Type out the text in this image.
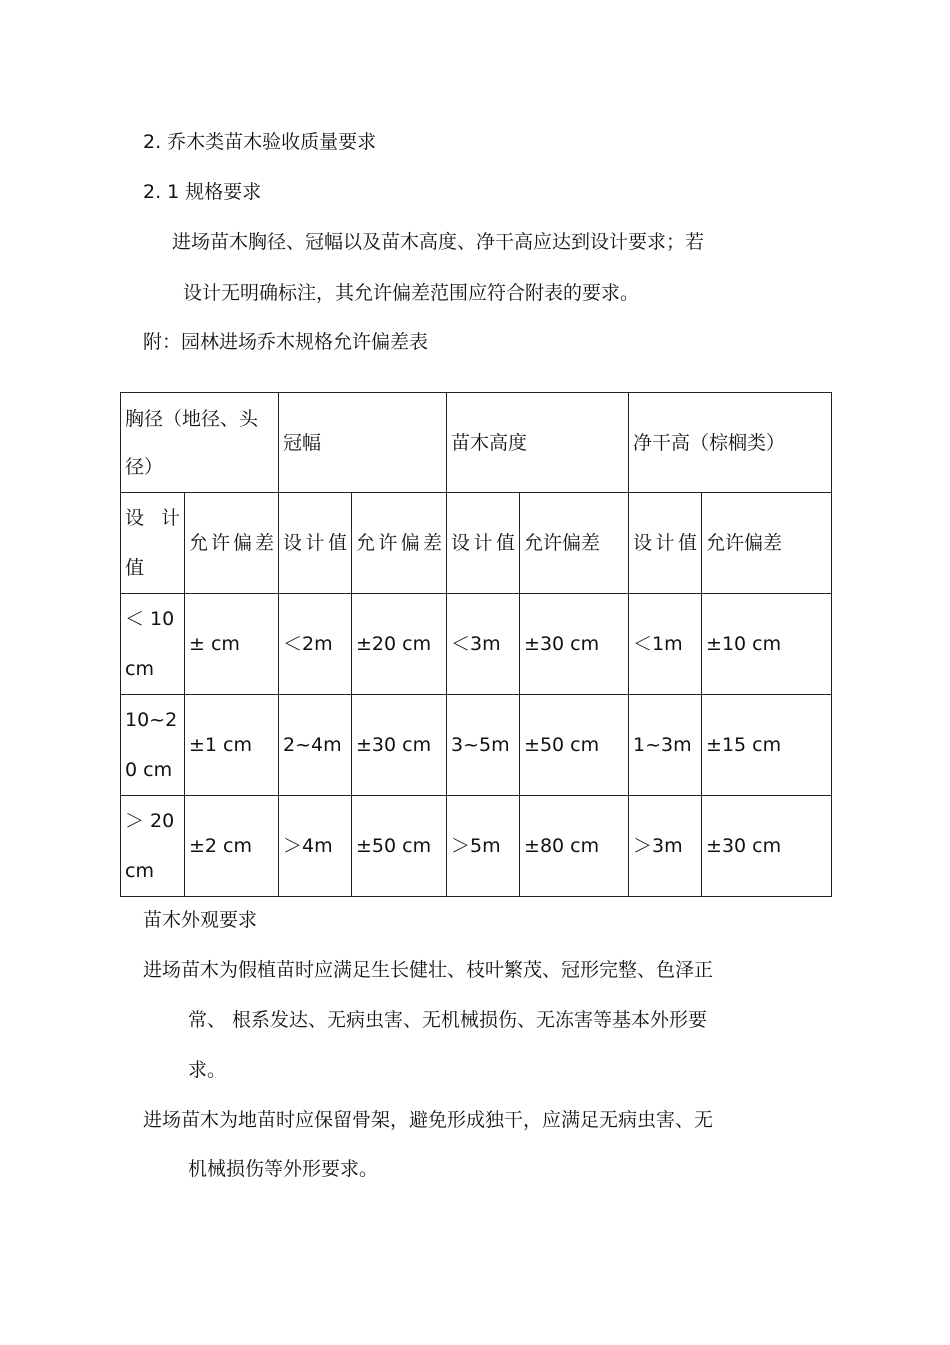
2. 乔木类苗木验收质量要求
2. 1 规格要求
进场苗木胸径、冠幅以及苗木高度、净干高应达到设计要求；若
设计无明确标注，其允许偏差范围应符合附表的要求。
附：园林进场乔木规格允许偏差表
胸径（地径、头径）		冠幅		苗木高度		净干高（棕榈类）	
设计值	允许偏差	设计值	允许偏差	设计值	允许偏差	设计值	允许偏差
＜ 10 cm	± cm	＜2m	±20 cm	＜3m	±30 cm	＜1m	±10 cm
10~20 cm	±1 cm	2~4m	±30 cm	3~5m	±50 cm	1~3m	±15 cm
＞ 20 cm	±2 cm	＞4m	±50 cm	＞5m	±80 cm	＞3m	±30 cm
苗木外观要求
进场苗木为假植苗时应满足生长健壮、枝叶繁茂、冠形完整、色泽正
常、 根系发达、无病虫害、无机械损伤、无冻害等基本外形要
求。
进场苗木为地苗时应保留骨架，避免形成独干，应满足无病虫害、无
机械损伤等外形要求。
